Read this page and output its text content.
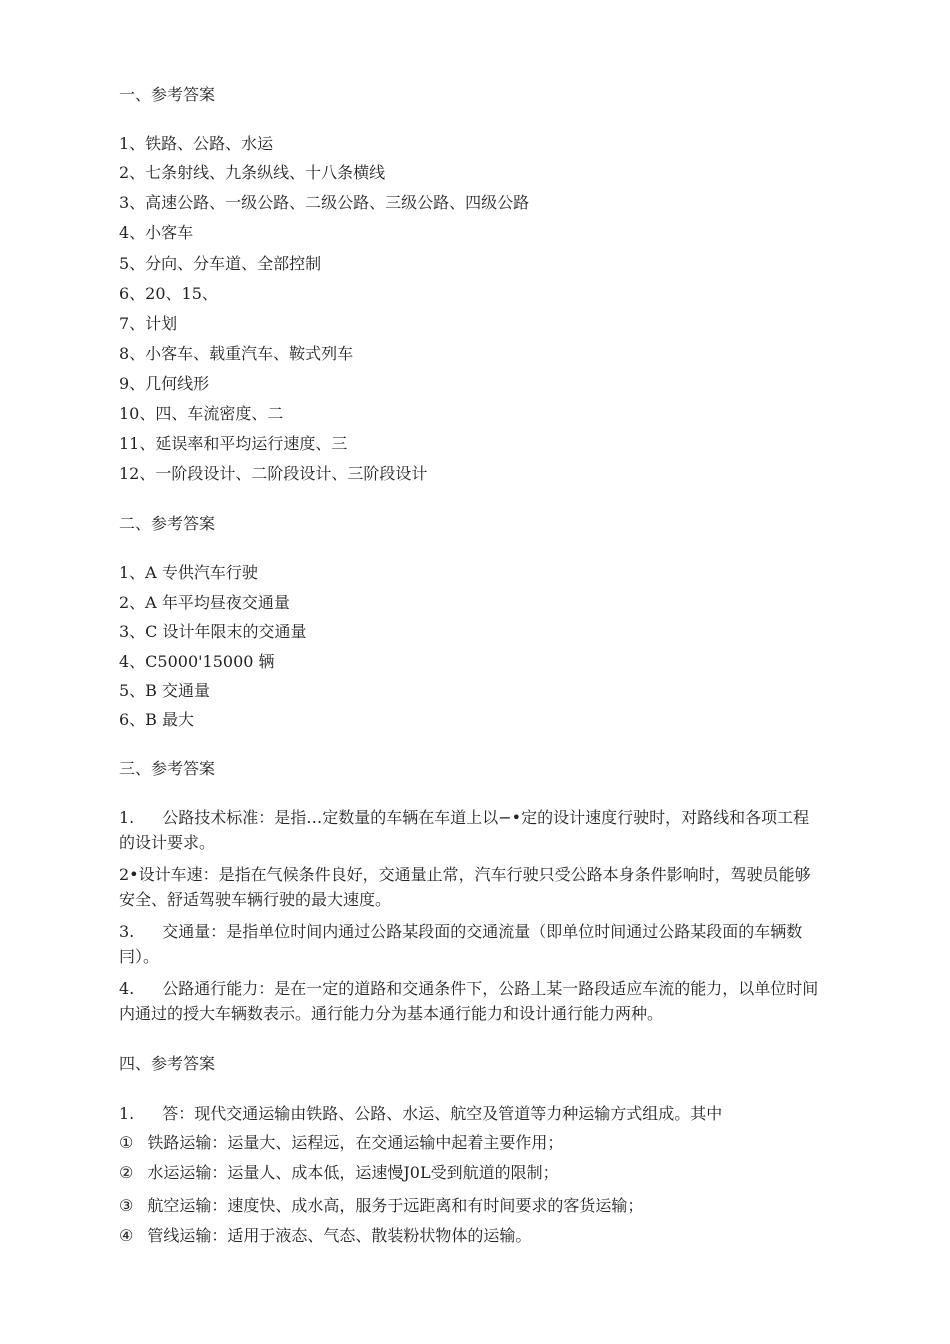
一、参考答案
1、铁路、公路、水运
2、七条射线、九条纵线、十八条横线
3、高速公路、一级公路、二级公路、三级公路、四级公路
4、小客车
5、分向、分车道、全部控制
6、20、15、
7、计划
8、小客车、载重汽车、鞍式列车
9、几何线形
10、四、车流密度、二
11、延误率和平均运行速度、三
12、一阶段设计、二阶段设计、三阶段设计
二、参考答案
1、A 专供汽车行驶
2、A 年平均昼夜交通量
3、C 设计年限末的交通量
4、C5000'15000 辆
5、B 交通量
6、B 最大
三、参考答案
1. 公路技术标准：是指…定数量的车辆在车道上以−•定的设计速度行驶时，对路线和各项工程的设计要求。
2•设计车速：是指在气候条件良好，交通量止常，汽车行驶只受公路本身条件影响时，驾驶员能够安全、舒适驾驶车辆行驶的最大速度。
3. 交通量：是指单位时间内通过公路某段面的交通流量（即单位时间通过公路某段面的车辆数冃）。
4. 公路通行能力：是在一定的道路和交通条件下，公路丄某一路段适应车流的能力，以单位时间内通过的授大车辆数表示。通行能力分为基本通行能力和设计通行能力两种。
四、参考答案
1. 答：现代交通运输由铁路、公路、水运、航空及管道等力种运输方式组成。其中
① 铁路运输：运量大、运程远，在交通运输中起着主要作用；
② 水运运输：运量人、成本低，运速慢J0L受到航道的限制；
③ 航空运输：速度快、成水高，服务于远距离和有时间要求的客货运输；
④ 管线运输：适用于液态、气态、散装粉状物体的运输。
